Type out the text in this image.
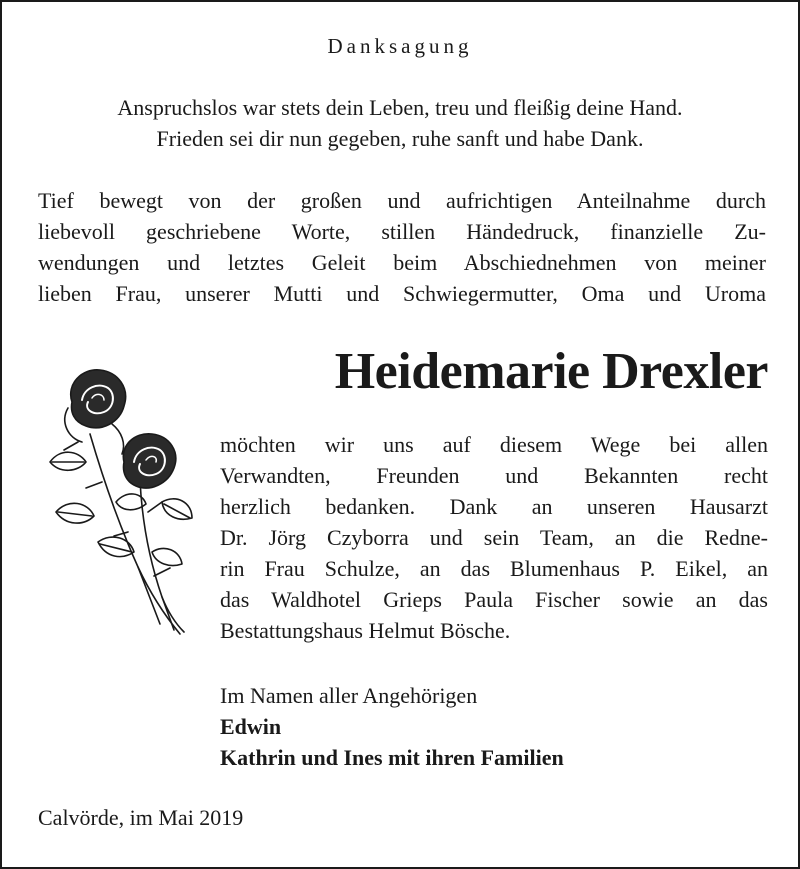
Danksagung
Anspruchslos war stets dein Leben, treu und fleißig deine Hand.
Frieden sei dir nun gegeben, ruhe sanft und habe Dank.
Tief bewegt von der großen und aufrichtigen Anteilnahme durch
liebevoll geschriebene Worte, stillen Händedruck, finanzielle Zu-
wendungen und letztes Geleit beim Abschiednehmen von meiner
lieben Frau, unserer Mutti und Schwiegermutter, Oma und Uroma
Heidemarie Drexler
möchten wir uns auf diesem Wege bei allen
Verwandten, Freunden und Bekannten recht
herzlich bedanken. Dank an unseren Hausarzt
Dr. Jörg Czyborra und sein Team, an die Redne-
rin Frau Schulze, an das Blumenhaus P. Eikel, an
das Waldhotel Grieps Paula Fischer sowie an das
Bestattungshaus Helmut Bösche.
Im Namen aller Angehörigen
Edwin
Kathrin und Ines mit ihren Familien
Calvörde, im Mai 2019
